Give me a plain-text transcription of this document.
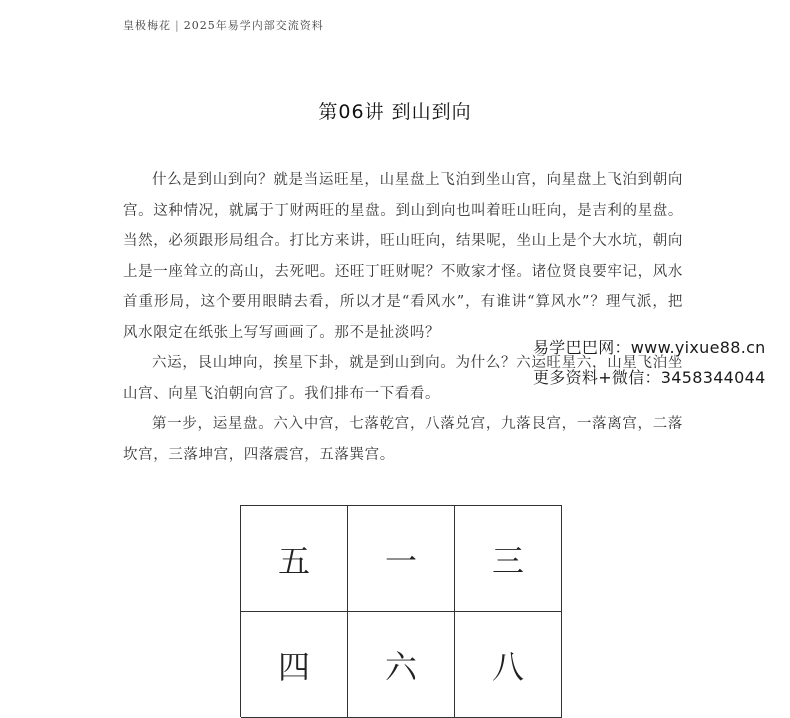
皇极梅花 | 2025年易学内部交流资料
第06讲 到山到向

什么是到山到向？就是当运旺星，山星盘上飞泊到坐山宫，向星盘上飞泊到朝向宫。这种情况，就属于丁财两旺的星盘。到山到向也叫着旺山旺向，是吉利的星盘。当然，必须跟形局组合。打比方来讲，旺山旺向，结果呢，坐山上是个大水坑，朝向上是一座耸立的高山，去死吧。还旺丁旺财呢？不败家才怪。诸位贤良要牢记，风水首重形局，这个要用眼睛去看，所以才是“看风水”，有谁讲“算风水”？理气派，把风水限定在纸张上写写画画了。那不是扯淡吗？

六运，艮山坤向，挨星下卦，就是到山到向。为什么？六运旺星六，山星飞泊坐山宫、向星飞泊朝向宫了。我们排布一下看看。

第一步，运星盘。六入中宫，七落乾宫，八落兑宫，九落艮宫，一落离宫，二落坎宫，三落坤宫，四落震宫，五落巽宫。

五	一	三
四	六	八
易学巴巴网：www.yixue88.cn
更多资料+微信：3458344044
